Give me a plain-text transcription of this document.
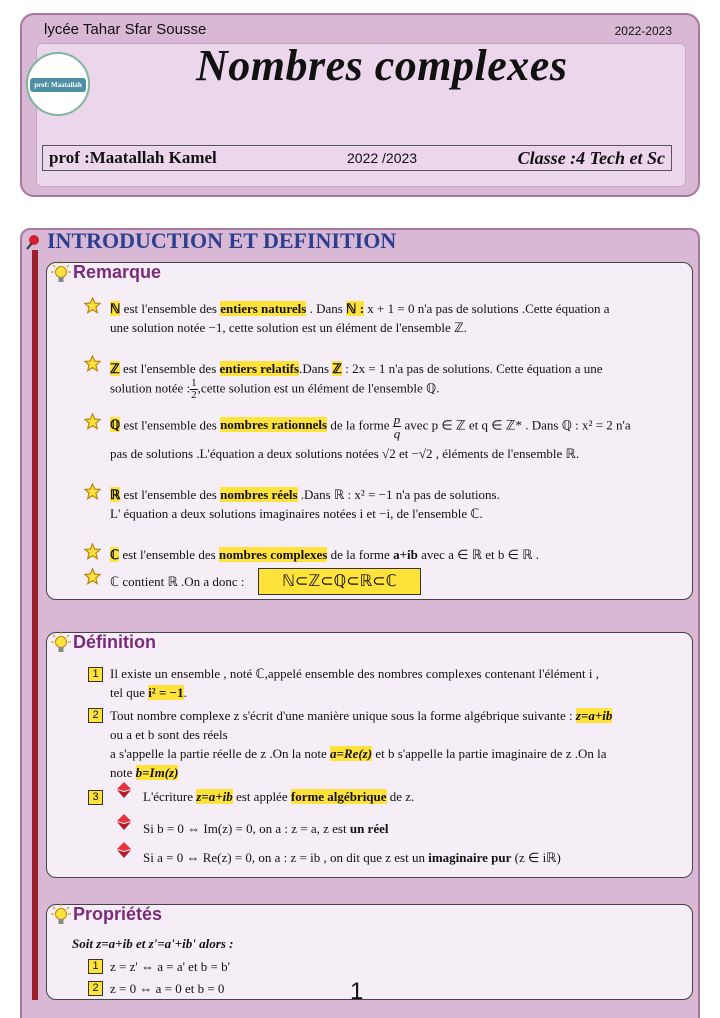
lycée Tahar Sfar Sousse	2022-2023
prof: Maatallah	Nombres complexes
prof :Maatallah Kamel	2022 /2023	Classe :4 Tech et Sc
INTRODUCTION ET DEFINITION
Remarque
ℕ est l'ensemble des entiers naturels . Dans ℕ : x + 1 = 0 n'a pas de solutions .Cette équation a
une solution notée −1, cette solution est un élément de l'ensemble ℤ.
ℤ est l'ensemble des entiers relatifs.Dans ℤ : 2x = 1 n'a pas de solutions. Cette équation a une
solution notée : $\frac{1}{2},cette$ solution est un élément de l'ensemble ℚ.
ℚ est l'ensemble des nombres rationnels de la forme $\frac{p}{q}$ avec p ∈ ℤ et q ∈ ℤ* . Dans ℚ : x² = 2 n'a
pas de solutions .L'équation a deux solutions notées √2 et −√2 , éléments de l'ensemble ℝ.
ℝ est l'ensemble des nombres réels .Dans ℝ : x² = −1 n'a pas de solutions.
L' équation a deux solutions imaginaires notées i et −i, de l'ensemble ℂ.
ℂ est l'ensemble des nombres complexes de la forme a+ib avec a ∈ ℝ et b ∈ ℝ .
ℂ contient ℝ .On a donc :	ℕ⊂ℤ⊂ℚ⊂ℝ⊂ℂ
Définition
1 Il existe un ensemble , noté ℂ,appelé ensemble des nombres complexes contenant l'élément i ,
tel que i² = −1.
2 Tout nombre complexe z s'écrit d'une manière unique sous la forme algébrique suivante : z=a+ib
ou a et b sont des réels
a s'appelle la partie réelle de z .On la note a=Re(z) et b s'appelle la partie imaginaire de z .On la
note b=Im(z)
3	L'écriture z=a+ib est applée forme algébrique de z.
Si b = 0 ⇔ Im(z) = 0, on a : z = a, z est un réel
Si a = 0 ⇔ Re(z) = 0, on a : z = ib , on dit que z est un imaginaire pur (z ∈ iℝ)
Propriétés
Soit z=a+ib et z'=a'+ib' alors :
1 z = z' ⇔ a = a' et b = b'
2 z = 0 ⇔ a = 0 et b = 0	1
